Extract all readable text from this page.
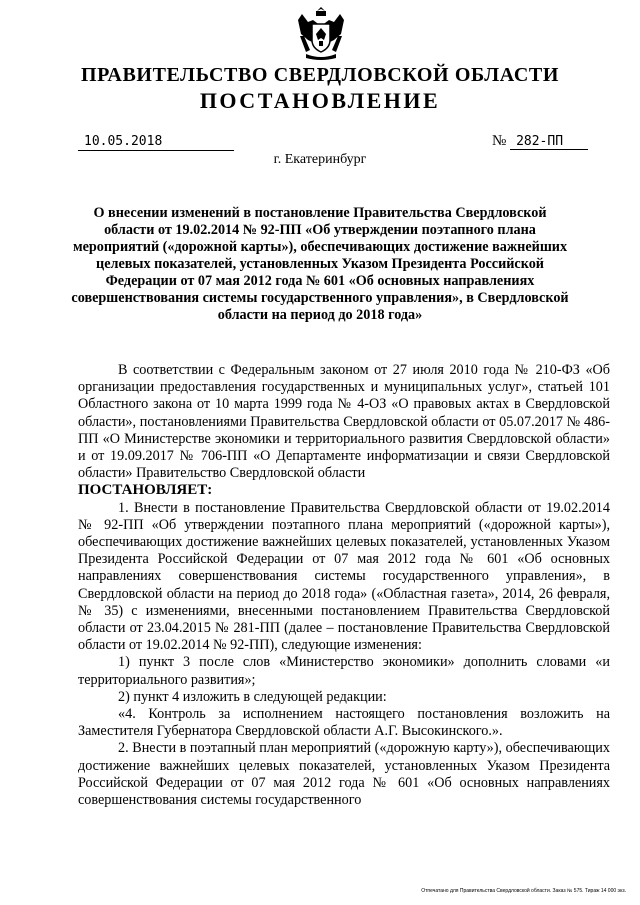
ПРАВИТЕЛЬСТВО СВЕРДЛОВСКОЙ ОБЛАСТИ
ПОСТАНОВЛЕНИЕ
10.05.2018	№ 282-ПП
г. Екатеринбург
О внесении изменений в постановление Правительства Свердловской области от 19.02.2014 № 92-ПП «Об утверждении поэтапного плана мероприятий («дорожной карты»), обеспечивающих достижение важнейших целевых показателей, установленных Указом Президента Российской Федерации от 07 мая 2012 года № 601 «Об основных направлениях совершенствования системы государственного управления», в Свердловской области на период до 2018 года»

В соответствии с Федеральным законом от 27 июля 2010 года № 210-ФЗ «Об организации предоставления государственных и муниципальных услуг», статьей 101 Областного закона от 10 марта 1999 года № 4-ОЗ «О правовых актах в Свердловской области», постановлениями Правительства Свердловской области от 05.07.2017 № 486-ПП «О Министерстве экономики и территориального развития Свердловской области» и от 19.09.2017 № 706-ПП «О Департаменте информатизации и связи Свердловской области» Правительство Свердловской области

ПОСТАНОВЛЯЕТ:

1. Внести в постановление Правительства Свердловской области от 19.02.2014 № 92-ПП «Об утверждении поэтапного плана мероприятий («дорожной карты»), обеспечивающих достижение важнейших целевых показателей, установленных Указом Президента Российской Федерации от 07 мая 2012 года № 601 «Об основных направлениях совершенствования системы государственного управления», в Свердловской области на период до 2018 года» («Областная газета», 2014, 26 февраля, № 35) с изменениями, внесенными постановлением Правительства Свердловской области от 23.04.2015 № 281-ПП (далее – постановление Правительства Свердловской области от 19.02.2014 № 92-ПП), следующие изменения:

1) пункт 3 после слов «Министерство экономики» дополнить словами «и территориального развития»;

2) пункт 4 изложить в следующей редакции:

«4. Контроль за исполнением настоящего постановления возложить на Заместителя Губернатора Свердловской области А.Г. Высокинского.».

2. Внести в поэтапный план мероприятий («дорожную карту»), обеспечивающих достижение важнейших целевых показателей, установленных Указом Президента Российской Федерации от 07 мая 2012 года № 601 «Об основных направлениях совершенствования системы государственного

Отпечатано для Правительства Свердловской области. Заказ № 575. Тираж 14 000 экз.
